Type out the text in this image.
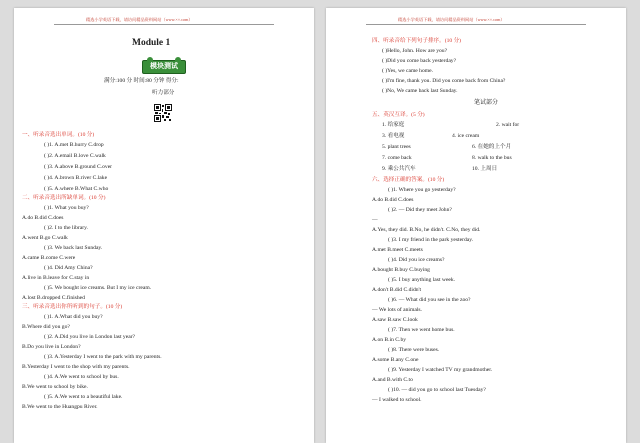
精选小学英语下载，请访问精品资料网站（www.××.com）
Module 1
模块测试
满分:100 分 时间:80 分钟 得分:
听力部分
一、听录音选出单词。(10 分)
( )1. A.met B.hurry C.drop
( )2. A.email B.love C.walk
( )3. A.above B.ground C.over
( )4. A.brown B.river C.lake
( )5. A.where B.What C.who
二、听录音选出所缺单词。(10 分)
( )1. What you buy?
A.do B.did C.does
( )2. I to the library.
A.went B.go C.walk
( )3. We back last Sunday.
A.came B.come C.were
( )4. Did Amy China?
A.live in B.leave for C.stay in
( )5. We bought ice creams. But I my ice cream.
A.lost B.dropped C.finished
三、听录音选出你所听到的句子。(10 分)
( )1. A.What did you buy?
B.Where did you go?
( )2. A.Did you live in London last year?
B.Do you live in London?
( )3. A.Yesterday I went to the park with my parents.
B.Yesterday I went to the shop with my parents.
( )4. A.We went to school by bus.
B.We went to school by bike.
( )5. A.We went to a beautiful lake.
B.We went to the Huangpu River.
精选小学英语下载，请访问精品资料网站（www.××.com）
四、听录音给下列句子排序。(10 分)
( )Hello, John. How are you?
( )Did you come back yesterday?
( )Yes, we came home.
( )I'm fine, thank you. Did you come back from China?
( )No, We came back last Sunday.
笔试部分
五、英汉互译。(5 分)
1. 给家庭	2. wait for
3. 看电视	4. ice cream
5. plant trees	6. 在她的上个月
7. come back	8. walk to the bus
9. 乘公共汽车	10. 上周日
六、选择正确的答案。(10 分)
( )1. Where you go yesterday?
A.do B.did C.does
( )2. — Did they meet John?
—
A.Yes, they did. B.No, he didn't. C.No, they did.
( )3. I my friend in the park yesterday.
A.met B.meet C.meets
( )4. Did you ice creams?
A.bought B.buy C.buying
( )5. I buy anything last week.
A.don't B.did C.didn't
( )6. — What did you see in the zoo?
— We lots of animals.
A.saw B.saw C.look
( )7. Then we went home bus.
A.on B.in C.by
( )8. There were buses.
A.some B.any C.one
( )9. Yesterday I watched TV my grandmother.
A.and B.with C.to
( )10. — did you go to school last Tuesday?
— I walked to school.
